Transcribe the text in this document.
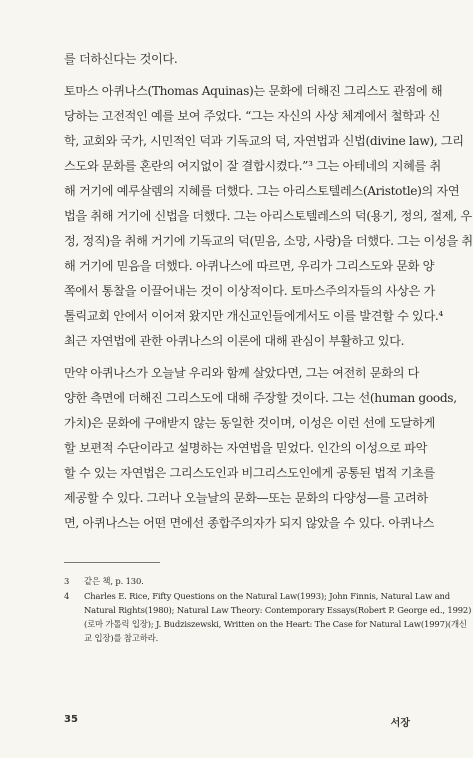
를 더하신다는 것이다.
토마스 아퀴나스(Thomas Aquinas)는 문화에 더해진 그리스도 관점에 해
당하는 고전적인 예를 보여 주었다. “그는 자신의 사상 체계에서 철학과 신
학, 교회와 국가, 시민적인 덕과 기독교의 덕, 자연법과 신법(divine law), 그리
스도와 문화를 혼란의 여지없이 잘 결합시켰다.”³ 그는 아테네의 지혜를 취
해 거기에 예루살렘의 지혜를 더했다. 그는 아리스토텔레스(Aristotle)의 자연
법을 취해 거기에 신법을 더했다. 그는 아리스토텔레스의 덕(용기, 정의, 절제, 우
정, 정직)을 취해 거기에 기독교의 덕(믿음, 소망, 사랑)을 더했다. 그는 이성을 취
해 거기에 믿음을 더했다. 아퀴나스에 따르면, 우리가 그리스도와 문화 양
쪽에서 통찰을 이끌어내는 것이 이상적이다. 토마스주의자들의 사상은 가
톨릭교회 안에서 이어져 왔지만 개신교인들에게서도 이를 발견할 수 있다.⁴
최근 자연법에 관한 아퀴나스의 이론에 대해 관심이 부활하고 있다.
만약 아퀴나스가 오늘날 우리와 함께 살았다면, 그는 여전히 문화의 다
양한 측면에 더해진 그리스도에 대해 주장할 것이다. 그는 선(human goods,
가치)은 문화에 구애받지 않는 동일한 것이며, 이성은 이런 선에 도달하게
할 보편적 수단이라고 설명하는 자연법을 믿었다. 인간의 이성으로 파악
할 수 있는 자연법은 그리스도인과 비그리스도인에게 공통된 법적 기초를
제공할 수 있다. 그러나 오늘날의 문화—또는 문화의 다양성—를 고려하
면, 아퀴나스는 어떤 면에선 종합주의자가 되지 않았을 수 있다. 아퀴나스
3 같은 책, p. 130.
4 Charles E. Rice, Fifty Questions on the Natural Law(1993); John Finnis, Natural Law and
Natural Rights(1980); Natural Law Theory: Contemporary Essays(Robert P. George ed., 1992)
(로마 가톨릭 입장); J. Budziszewski, Written on the Heart: The Case for Natural Law(1997)(개신
교 입장)를 참고하라.
35	서장
